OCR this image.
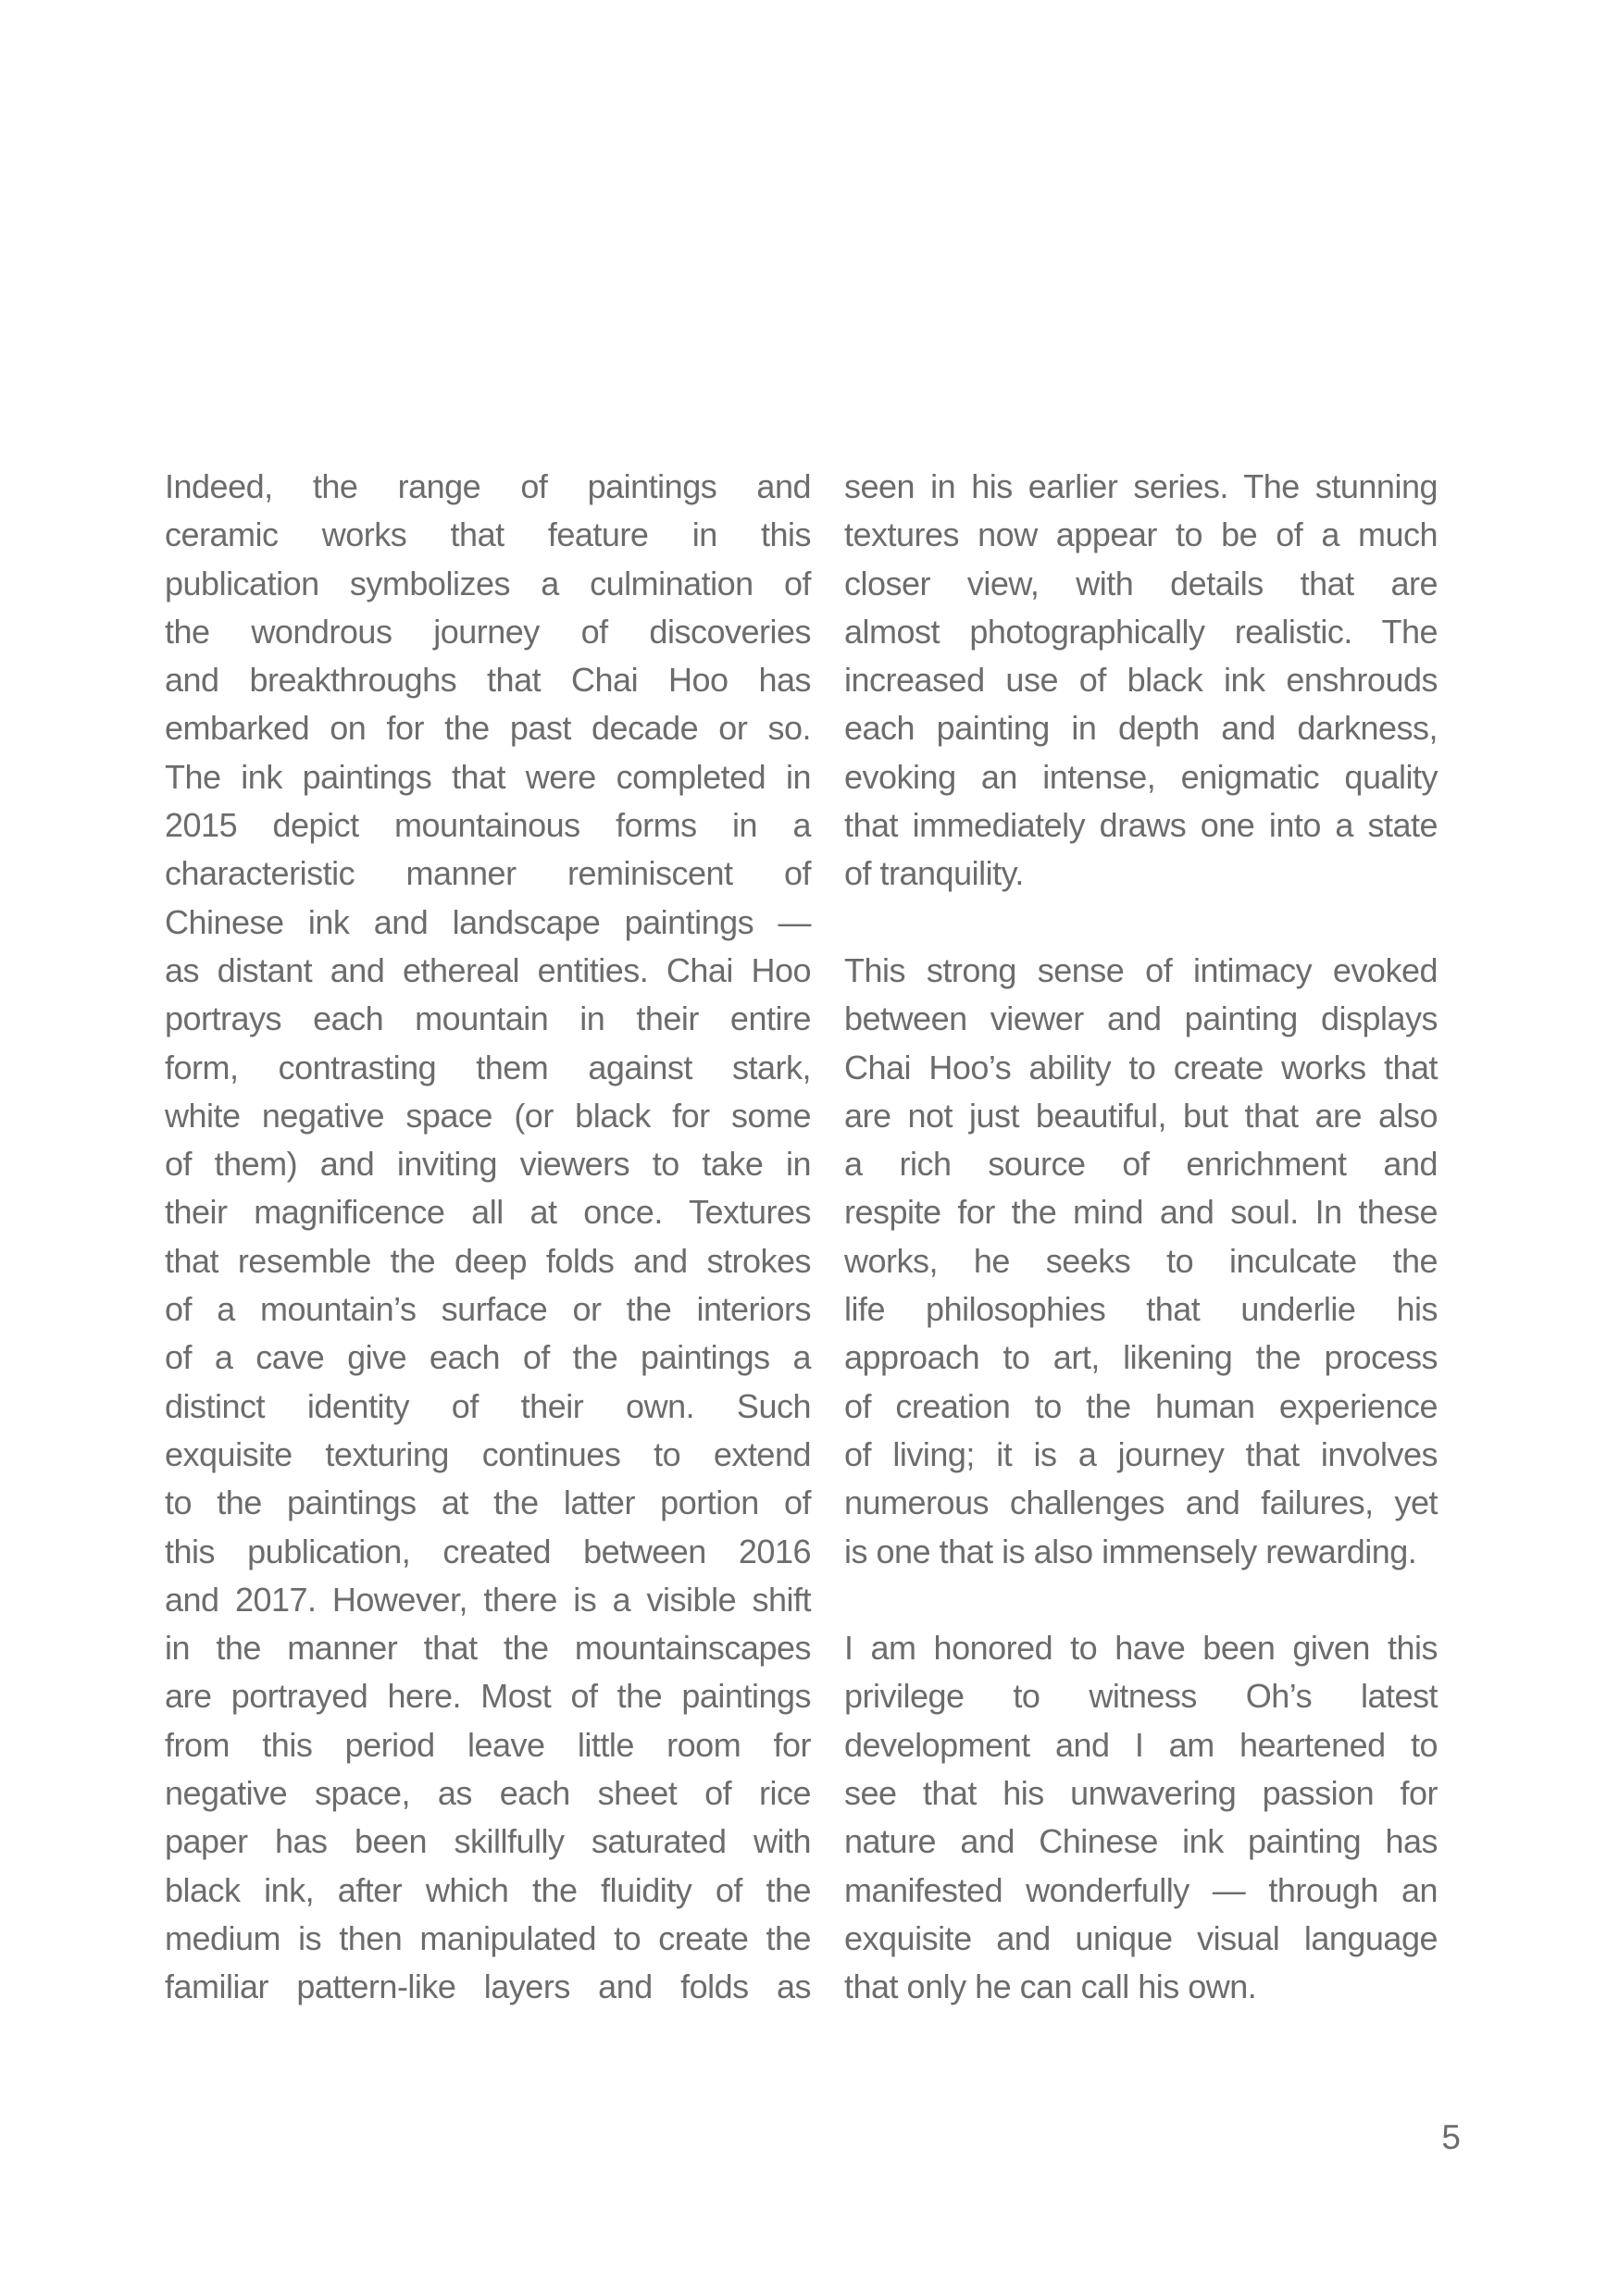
Indeed, the range of paintings and
ceramic works that feature in this
publication symbolizes a culmination of
the wondrous journey of discoveries
and breakthroughs that Chai Hoo has
embarked on for the past decade or so.
The ink paintings that were completed in
2015 depict mountainous forms in a
characteristic manner reminiscent of
Chinese ink and landscape paintings —
as distant and ethereal entities. Chai Hoo
portrays each mountain in their entire
form, contrasting them against stark,
white negative space (or black for some
of them) and inviting viewers to take in
their magnificence all at once. Textures
that resemble the deep folds and strokes
of a mountain’s surface or the interiors
of a cave give each of the paintings a
distinct identity of their own. Such
exquisite texturing continues to extend
to the paintings at the latter portion of
this publication, created between 2016
and 2017. However, there is a visible shift
in the manner that the mountainscapes
are portrayed here. Most of the paintings
from this period leave little room for
negative space, as each sheet of rice
paper has been skillfully saturated with
black ink, after which the fluidity of the
medium is then manipulated to create the
familiar pattern-like layers and folds as
seen in his earlier series. The stunning
textures now appear to be of a much
closer view, with details that are
almost photographically realistic. The
increased use of black ink enshrouds
each painting in depth and darkness,
evoking an intense, enigmatic quality
that immediately draws one into a state
of tranquility.
This strong sense of intimacy evoked
between viewer and painting displays
Chai Hoo’s ability to create works that
are not just beautiful, but that are also
a rich source of enrichment and
respite for the mind and soul. In these
works, he seeks to inculcate the
life philosophies that underlie his
approach to art, likening the process
of creation to the human experience
of living; it is a journey that involves
numerous challenges and failures, yet
is one that is also immensely rewarding.
I am honored to have been given this
privilege to witness Oh’s latest
development and I am heartened to
see that his unwavering passion for
nature and Chinese ink painting has
manifested wonderfully — through an
exquisite and unique visual language
that only he can call his own.
5
